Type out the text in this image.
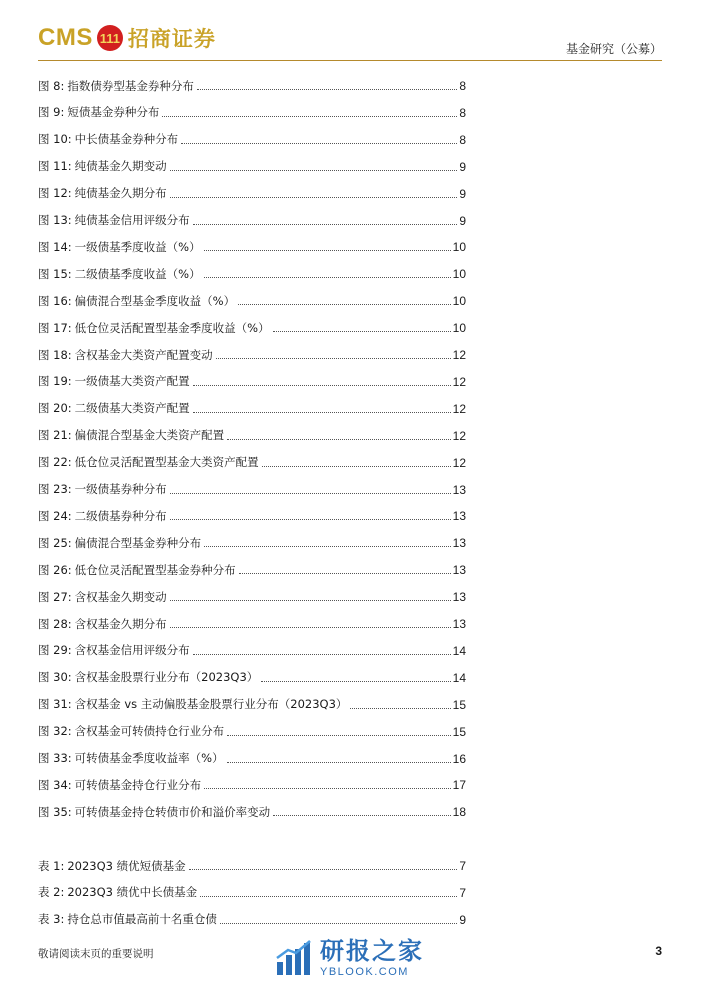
CMS 111 招商证券	基金研究（公募）
图 8: 指数债券型基金券种分布	8
图 9: 短债基金券种分布	8
图 10: 中长债基金券种分布	8
图 11: 纯债基金久期变动	9
图 12: 纯债基金久期分布	9
图 13: 纯债基金信用评级分布	9
图 14: 一级债基季度收益（%）	10
图 15: 二级债基季度收益（%）	10
图 16: 偏债混合型基金季度收益（%）	10
图 17: 低仓位灵活配置型基金季度收益（%）	10
图 18: 含权基金大类资产配置变动	12
图 19: 一级债基大类资产配置	12
图 20: 二级债基大类资产配置	12
图 21: 偏债混合型基金大类资产配置	12
图 22: 低仓位灵活配置型基金大类资产配置	12
图 23: 一级债基券种分布	13
图 24: 二级债基券种分布	13
图 25: 偏债混合型基金券种分布	13
图 26: 低仓位灵活配置型基金券种分布	13
图 27: 含权基金久期变动	13
图 28: 含权基金久期分布	13
图 29: 含权基金信用评级分布	14
图 30: 含权基金股票行业分布（2023Q3）	14
图 31: 含权基金 vs 主动偏股基金股票行业分布（2023Q3）	15
图 32: 含权基金可转债持仓行业分布	15
图 33: 可转债基金季度收益率（%）	16
图 34: 可转债基金持仓行业分布	17
图 35: 可转债基金持仓转债市价和溢价率变动	18
表 1: 2023Q3 绩优短债基金	7
表 2: 2023Q3 绩优中长债基金	7
表 3: 持仓总市值最高前十名重仓债	9
敬请阅读末页的重要说明	研报之家
YBLOOK.COM
3
